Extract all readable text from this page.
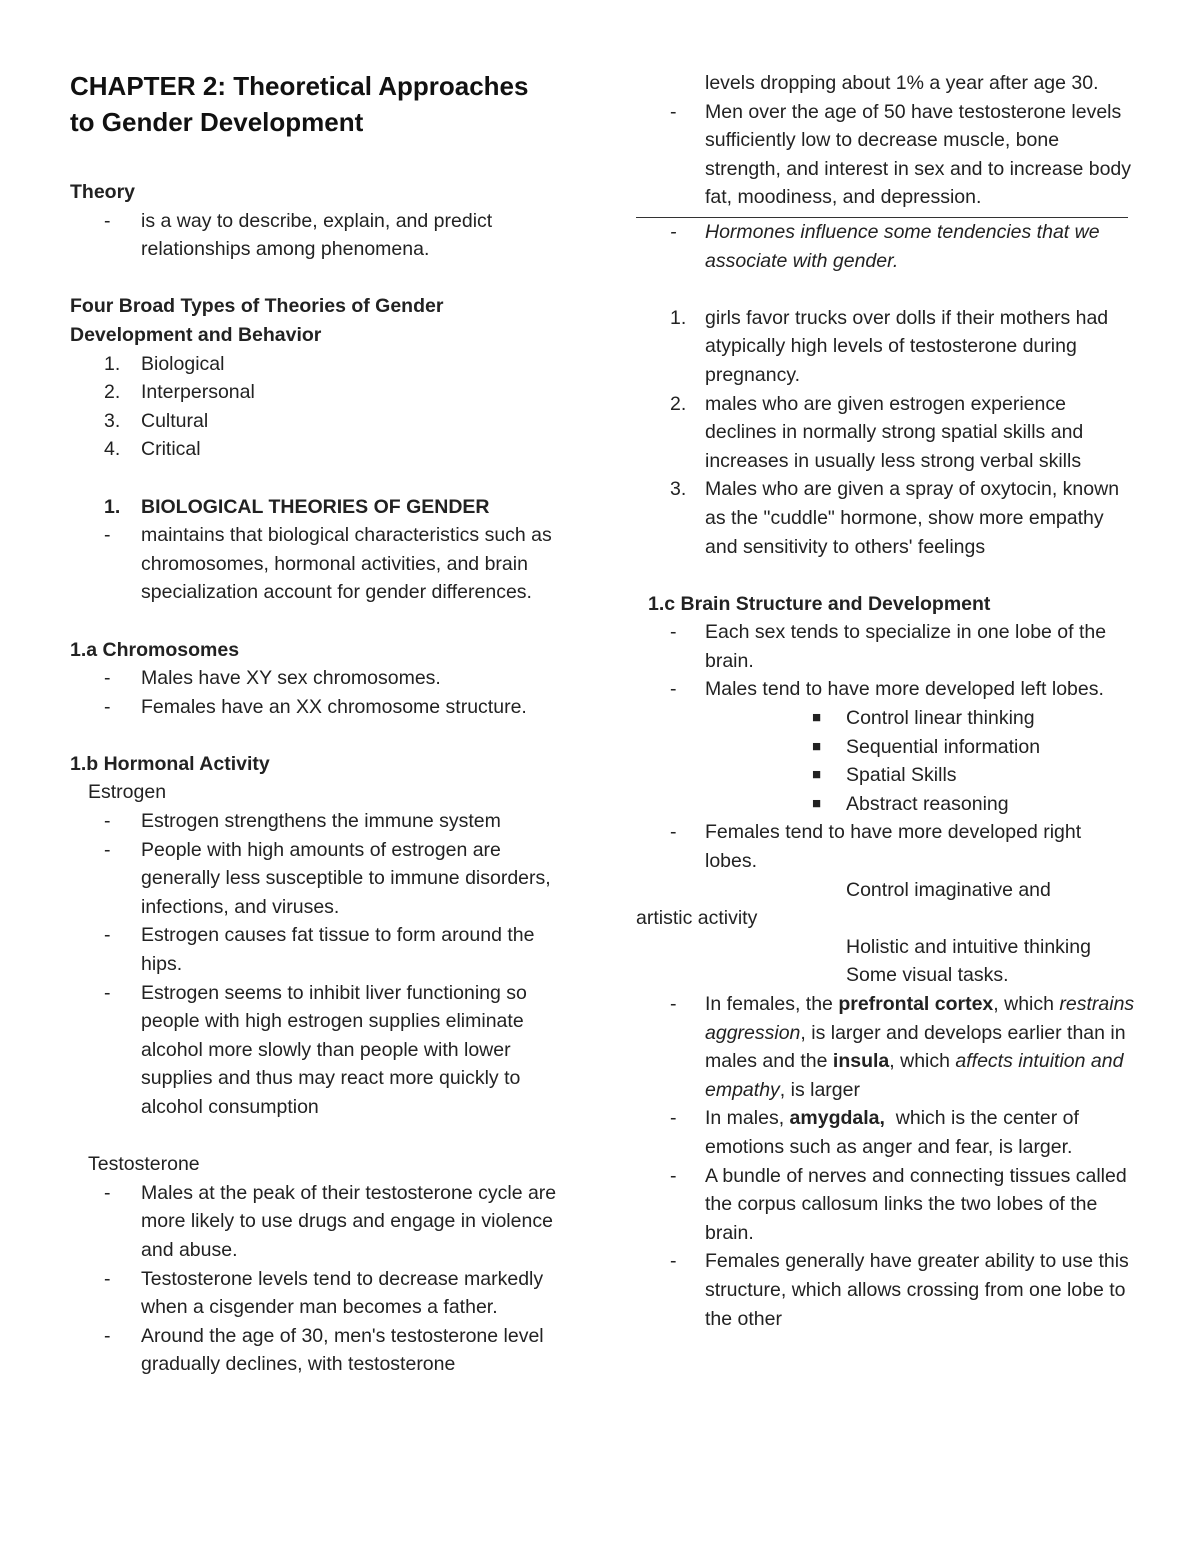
CHAPTER 2: Theoretical Approaches
to Gender Development
Theory
- is a way to describe, explain, and predict relationships among phenomena.
Four Broad Types of Theories of Gender
Development and Behavior
1.	Biological
2.	Interpersonal
3.	Cultural
4.	Critical
1.	BIOLOGICAL THEORIES OF GENDER
- maintains that biological characteristics such as chromosomes, hormonal activities, and brain specialization account for gender differences.
1.a Chromosomes
- Males have XY sex chromosomes.
- Females have an XX chromosome structure.
1.b Hormonal Activity
Estrogen
- Estrogen strengthens the immune system
- People with high amounts of estrogen are generally less susceptible to immune disorders, infections, and viruses.
- Estrogen causes fat tissue to form around the hips.
- Estrogen seems to inhibit liver functioning so people with high estrogen supplies eliminate alcohol more slowly than people with lower supplies and thus may react more quickly to alcohol consumption
Testosterone
- Males at the peak of their testosterone cycle are more likely to use drugs and engage in violence and abuse.
- Testosterone levels tend to decrease markedly when a cisgender man becomes a father.
- Around the age of 30, men's testosterone level gradually declines, with testosterone
levels dropping about 1% a year after age 30.
- Men over the age of 50 have testosterone levels sufficiently low to decrease muscle, bone strength, and interest in sex and to increase body fat, moodiness, and depression.
- Hormones influence some tendencies that we associate with gender.
1. girls favor trucks over dolls if their mothers had atypically high levels of testosterone during pregnancy.
2. males who are given estrogen experience declines in normally strong spatial skills and increases in usually less strong verbal skills
3. Males who are given a spray of oxytocin, known as the "cuddle" hormone, show more empathy and sensitivity to others' feelings
1.c Brain Structure and Development
- Each sex tends to specialize in one lobe of the brain.
- Males tend to have more developed left lobes.
■ Control linear thinking
■ Sequential information
■ Spatial Skills
■ Abstract reasoning
- Females tend to have more developed right lobes.
Control imaginative and
artistic activity
Holistic and intuitive thinking
Some visual tasks.
- In females, the prefrontal cortex, which restrains aggression, is larger and develops earlier than in males and the insula, which affects intuition and empathy, is larger
- In males, amygdala,  which is the center of emotions such as anger and fear, is larger.
- A bundle of nerves and connecting tissues called the corpus callosum links the two lobes of the brain.
- Females generally have greater ability to use this structure, which allows crossing from one lobe to the other
